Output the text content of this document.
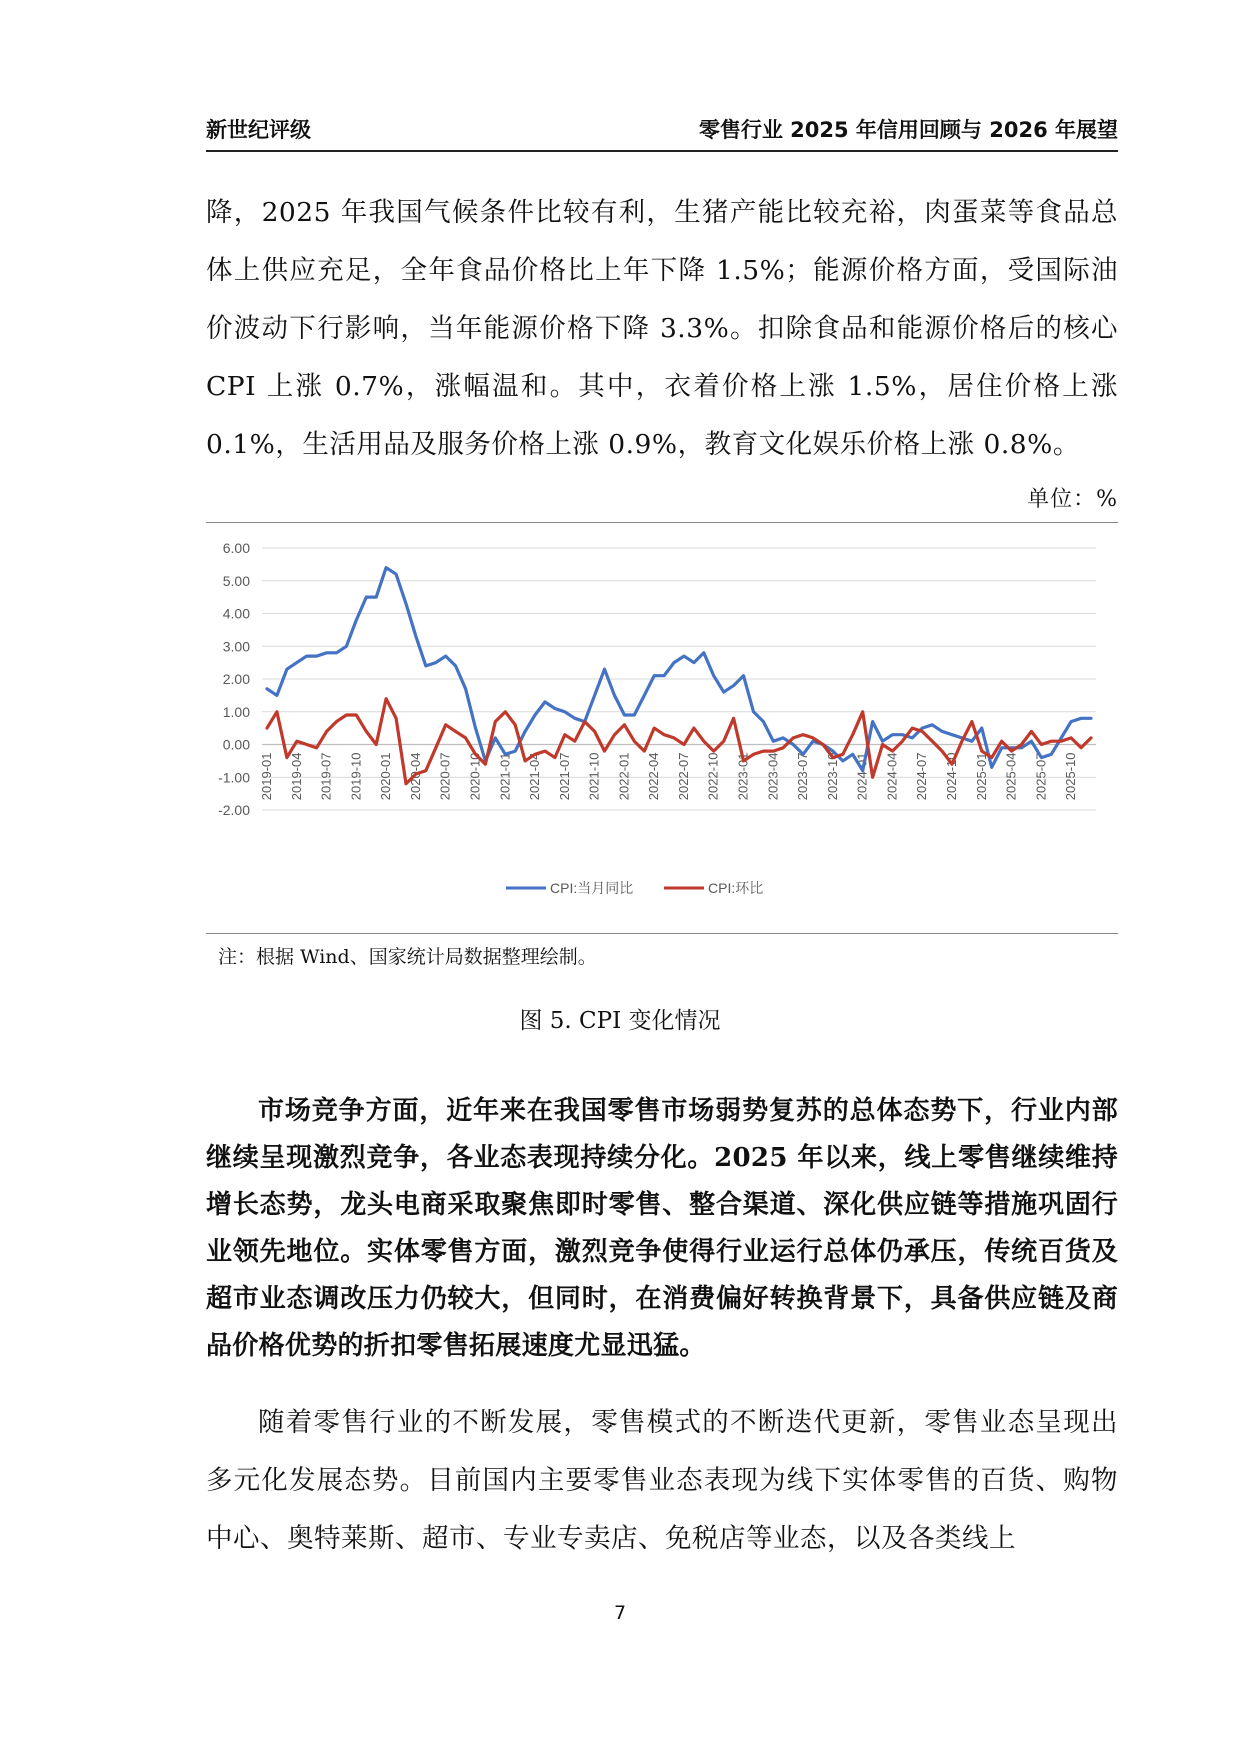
新世纪评级	零售行业 2025 年信用回顾与 2026 年展望
降，2025 年我国气候条件比较有利，生猪产能比较充裕，肉蛋菜等食品总体上供应充足，全年食品价格比上年下降 1.5%；能源价格方面，受国际油价波动下行影响，当年能源价格下降 3.3%。扣除食品和能源价格后的核心 CPI 上涨 0.7%，涨幅温和。其中，衣着价格上涨 1.5%，居住价格上涨 0.1%，生活用品及服务价格上涨 0.9%，教育文化娱乐价格上涨 0.8%。
单位：%
6.00
5.00
4.00
3.00
2.00
1.00
0.00
-1.00
-2.00
2019-01 2019-04 2019-07 2019-10 2020-01 2020-04 2020-07 2020-10 2021-01 2021-04 2021-07 2021-10 2022-01 2022-04 2022-07 2022-10 2023-01 2023-04 2023-07 2023-10 2024-01 2024-04 2024-07 2024-10 2025-01 2025-04 2025-07 2025-10
CPI:当月同比	CPI:环比
注：根据 Wind、国家统计局数据整理绘制。
图 5. CPI 变化情况
市场竞争方面，近年来在我国零售市场弱势复苏的总体态势下，行业内部继续呈现激烈竞争，各业态表现持续分化。2025 年以来，线上零售继续维持增长态势，龙头电商采取聚焦即时零售、整合渠道、深化供应链等措施巩固行业领先地位。实体零售方面，激烈竞争使得行业运行总体仍承压，传统百货及超市业态调改压力仍较大，但同时，在消费偏好转换背景下，具备供应链及商品价格优势的折扣零售拓展速度尤显迅猛。
随着零售行业的不断发展，零售模式的不断迭代更新，零售业态呈现出多元化发展态势。目前国内主要零售业态表现为线下实体零售的百货、购物中心、奥特莱斯、超市、专业专卖店、免税店等业态，以及各类线上
7
